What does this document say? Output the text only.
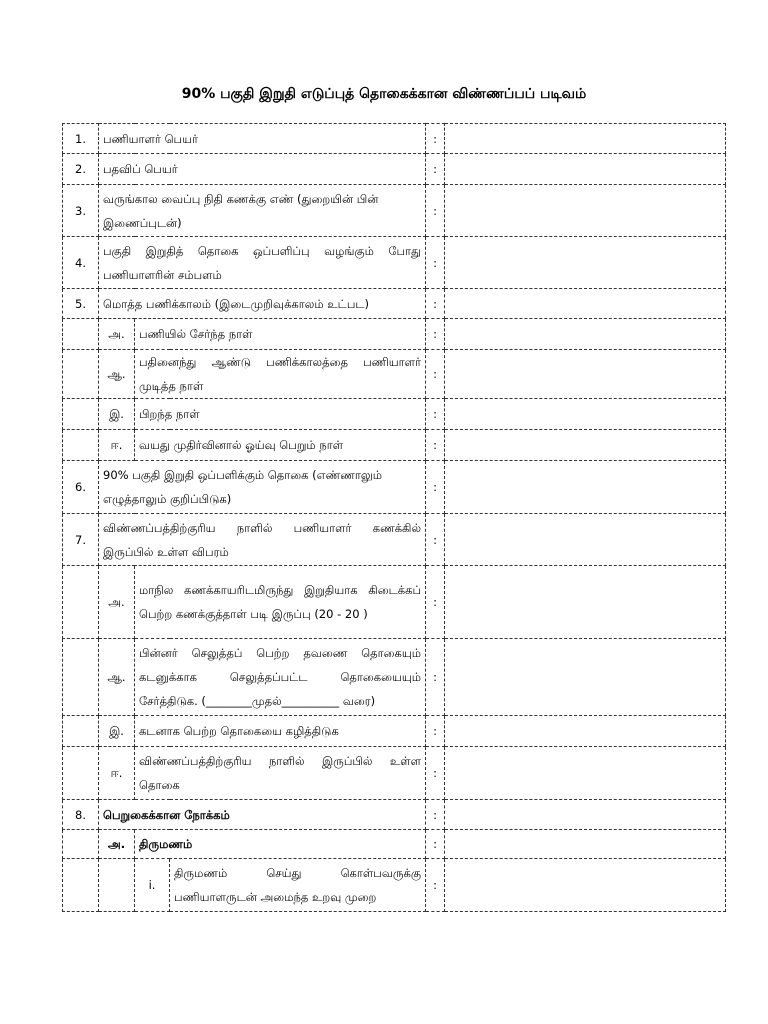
90% பகுதி இறுதி எடுப்புத் தொகைக்கான விண்ணப்பப் படிவம்
1.	பணியாளர் பெயர்			:	
2.	பதவிப் பெயர்			:	
3.	வருங்கால வைப்பு நிதி கணக்கு எண் (துறையின் பின் இணைப்புடன்)			:	
4.	பகுதி இறுதித் தொகை ஒப்பளிப்பு வழங்கும் போது பணியாளரின் சம்பளம்			:	
5.	மொத்த பணிக்காலம் (இடைமுறிவுக்காலம் உட்பட)			:	
	அ.	பணியில் சேர்ந்த நாள்		:	
	ஆ.	பதினைந்து ஆண்டு பணிக்காலத்தை பணியாளர் முடித்த நாள்		:	
	இ.	பிறந்த நாள்		:	
	ஈ.	வயது முதிர்வினால் ஓய்வு பெறும் நாள்		:	
6.	90% பகுதி இறுதி ஒப்பளிக்கும் தொகை (எண்ணாலும் எழுத்தாலும் குறிப்பிடுக)			:	
7.	விண்ணப்பத்திற்குரிய நாளில் பணியாளர் கணக்கில் இருப்பில் உள்ள விபரம்			:	
	அ.	மாநில கணக்காயரிடமிருந்து இறுதியாக கிடைக்கப் பெற்ற கணக்குத்தாள் படி இருப்பு (20 - 20 )		:	
	ஆ.	பின்னர் செலுத்தப் பெற்ற தவணை தொகையும் கடனுக்காக செலுத்தப்பட்ட தொகையையும் சேர்த்திடுக. (________முதல்__________ வரை)		:	
	இ.	கடனாக பெற்ற தொகையை கழித்திடுக		:	
	ஈ.	விண்ணப்பத்திற்குரிய நாளில் இருப்பில் உள்ள தொகை		:	
8.	பெறுகைக்கான நோக்கம்			:	
	அ.	திருமணம்		:	
		i.	திருமணம் செய்து கொள்பவருக்கு பணியாளருடன் அமைந்த உறவு முறை	:	
